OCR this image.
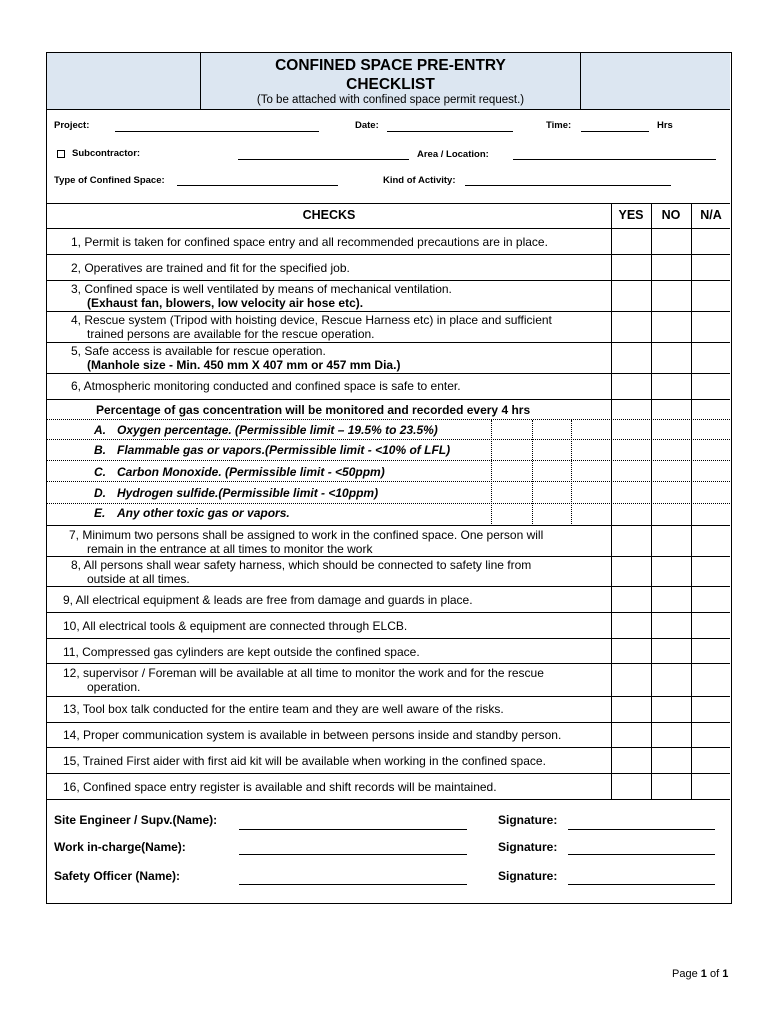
CONFINED SPACE PRE-ENTRY
CHECKLIST
(To be attached with confined space permit request.)
Project:	Date:	Time:	Hrs
Subcontractor:	Area / Location:
Type of Confined Space:	Kind of Activity:
CHECKS	YES	NO	N/A
1, Permit is taken for confined space entry and all recommended precautions are in place.
2, Operatives are trained and fit for the specified job.
3, Confined space is well ventilated by means of mechanical ventilation.
(Exhaust fan, blowers, low velocity air hose etc).
4, Rescue system (Tripod with hoisting device, Rescue Harness etc) in place and sufficient
trained persons are available for the rescue operation.
5, Safe access is available for rescue operation.
(Manhole size - Min. 450 mm X 407 mm or 457 mm Dia.)
6, Atmospheric monitoring conducted and confined space is safe to enter.
Percentage of gas concentration will be monitored and recorded every 4 hrs
A. Oxygen percentage. (Permissible limit – 19.5% to 23.5%)
B. Flammable gas or vapors.(Permissible limit - <10% of LFL)
C. Carbon Monoxide. (Permissible limit - <50ppm)
D. Hydrogen sulfide.(Permissible limit - <10ppm)
E. Any other toxic gas or vapors.
7, Minimum two persons shall be assigned to work in the confined space. One person will
remain in the entrance at all times to monitor the work
8, All persons shall wear safety harness, which should be connected to safety line from
outside at all times.
9, All electrical equipment & leads are free from damage and guards in place.
10, All electrical tools & equipment are connected through ELCB.
11, Compressed gas cylinders are kept outside the confined space.
12, supervisor / Foreman will be available at all time to monitor the work and for the rescue
operation.
13, Tool box talk conducted for the entire team and they are well aware of the risks.
14, Proper communication system is available in between persons inside and standby person.
15, Trained First aider with first aid kit will be available when working in the confined space.
16, Confined space entry register is available and shift records will be maintained.
Site Engineer / Supv.(Name):	Signature:
Work in-charge(Name):	Signature:
Safety Officer (Name):	Signature:
Page 1 of 1
